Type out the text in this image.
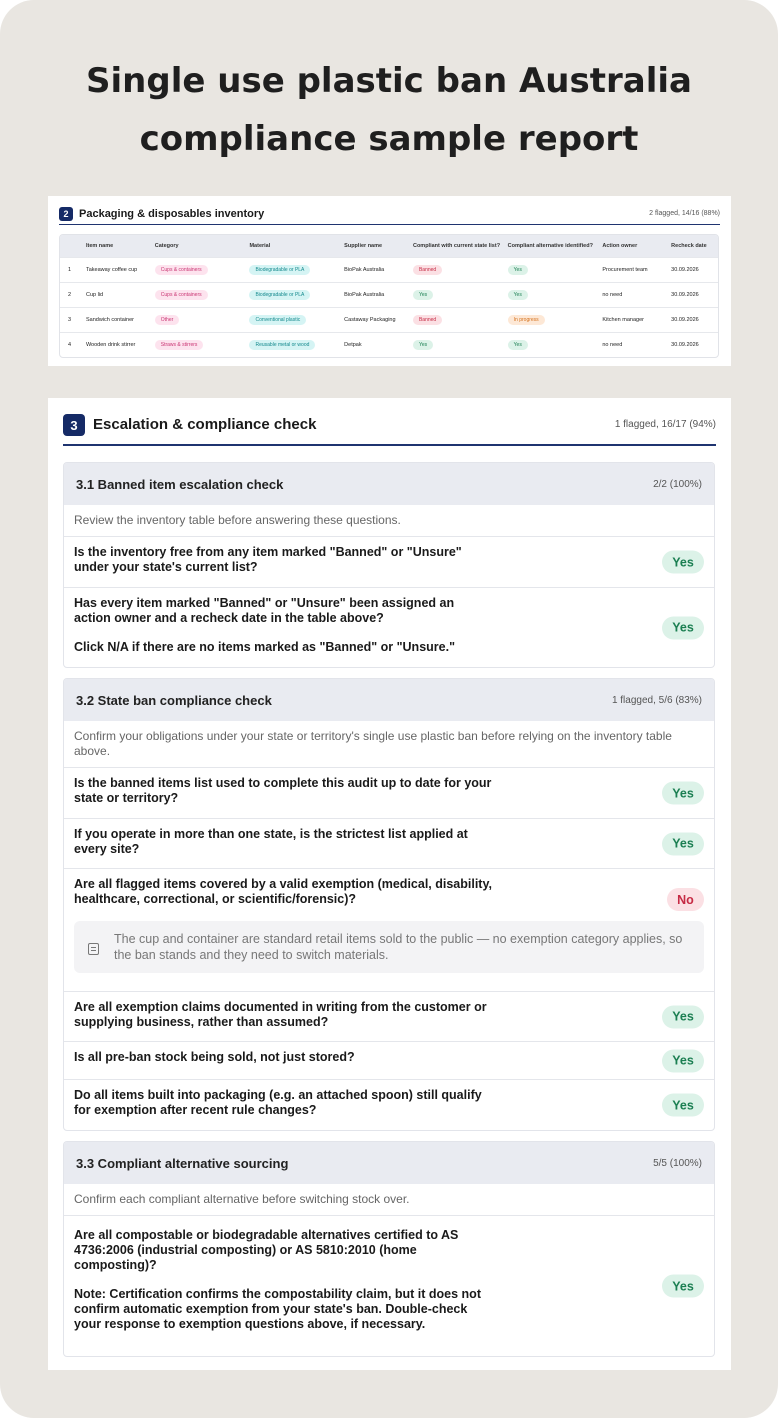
Single use plastic ban Australia
compliance sample report
2 Packaging & disposables inventory	2 flagged, 14/16 (88%)
Item name	Category	Material	Supplier name	Compliant with current state list?	Compliant alternative identified?	Action owner	Recheck date
1	Takeaway coffee cup	Cups & containers	Biodegradable or PLA	BioPak Australia	Banned	Yes	Procurement team	30.09.2026
2	Cup lid	Cups & containers	Biodegradable or PLA	BioPak Australia	Yes	Yes	no need	30.09.2026
3	Sandwich container	Other	Conventional plastic	Castaway Packaging	Banned	In progress	Kitchen manager	30.09.2026
4	Wooden drink stirrer	Straws & stirrers	Reusable metal or wood	Detpak	Yes	Yes	no need	30.09.2026
3	Escalation & compliance check	1 flagged, 16/17 (94%)
3.1 Banned item escalation check	2/2 (100%)
Review the inventory table before answering these questions.
Is the inventory free from any item marked "Banned" or "Unsure" under your state's current list?	Yes

Has every item marked "Banned" or "Unsure" been assigned an action owner and a recheck date in the table above?

Click N/A if there are no items marked as "Banned" or "Unsure."

Yes
3.2 State ban compliance check	1 flagged, 5/6 (83%)
Confirm your obligations under your state or territory's single use plastic ban before relying on the inventory table above.
Is the banned items list used to complete this audit up to date for your state or territory?	Yes
If you operate in more than one state, is the strictest list applied at every site?	Yes
Are all flagged items covered by a valid exemption (medical, disability, healthcare, correctional, or scientific/forensic)?	No
The cup and container are standard retail items sold to the public — no exemption category applies, so the ban stands and they need to switch materials.
Are all exemption claims documented in writing from the customer or supplying business, rather than assumed?	Yes
Is all pre-ban stock being sold, not just stored?	Yes
Do all items built into packaging (e.g. an attached spoon) still qualify for exemption after recent rule changes?	Yes
3.3 Compliant alternative sourcing	5/5 (100%)
Confirm each compliant alternative before switching stock over.

Are all compostable or biodegradable alternatives certified to AS 4736:2006 (industrial composting) or AS 5810:2010 (home composting)?

Note: Certification confirms the compostability claim, but it does not confirm automatic exemption from your state's ban. Double-check your response to exemption questions above, if necessary.

Yes
